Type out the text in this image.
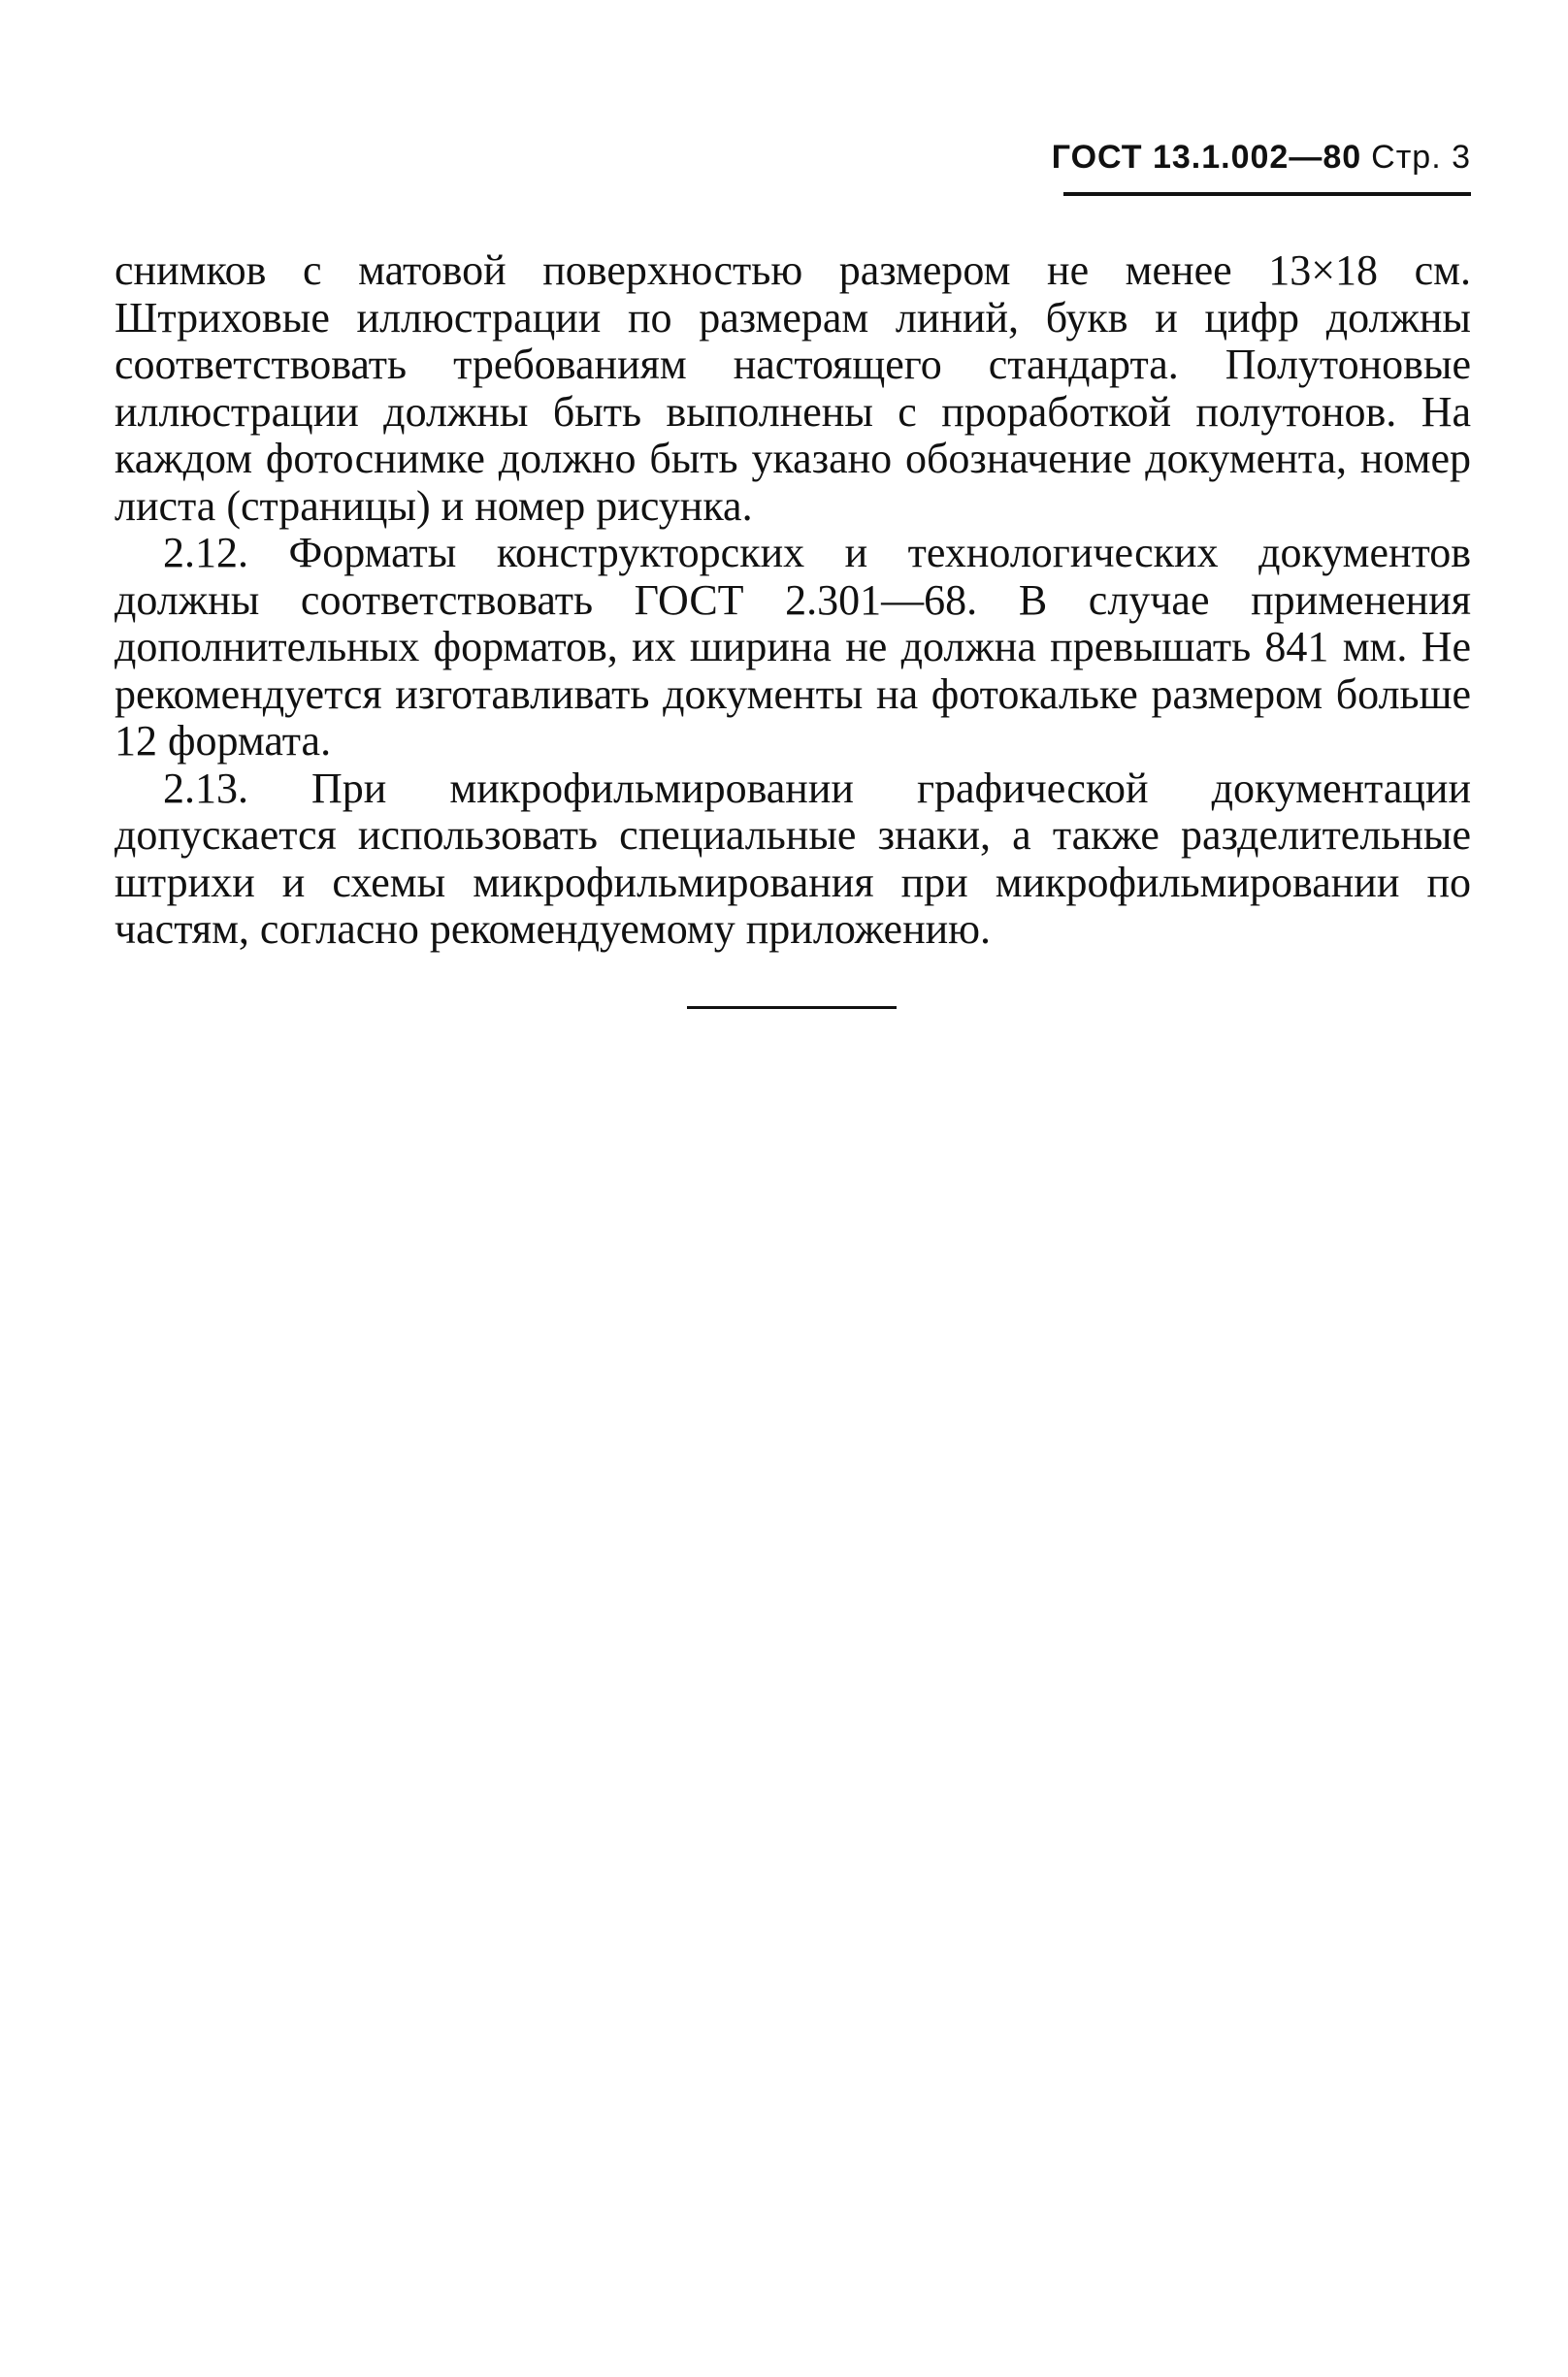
ГОСТ 13.1.002—80 Стр. 3

снимков с матовой поверхностью размером не менее 13×18 см. Штриховые иллюстрации по размерам линий, букв и цифр должны соответствовать требованиям настоящего стандарта. Полутоновые иллюстрации должны быть выполнены с проработкой полутонов. На каждом фотоснимке должно быть указано обозначение документа, номер листа (страницы) и номер рисунка.

2.12. Форматы конструкторских и технологических документов должны соответствовать ГОСТ 2.301—68. В случае применения дополнительных форматов, их ширина не должна превышать 841 мм. Не рекомендуется изготавливать документы на фотокальке размером больше 12 формата.

2.13. При микрофильмировании графической документации допускается использовать специальные знаки, а также разделительные штрихи и схемы микрофильмирования при микрофильмировании по частям, согласно рекомендуемому приложению.
